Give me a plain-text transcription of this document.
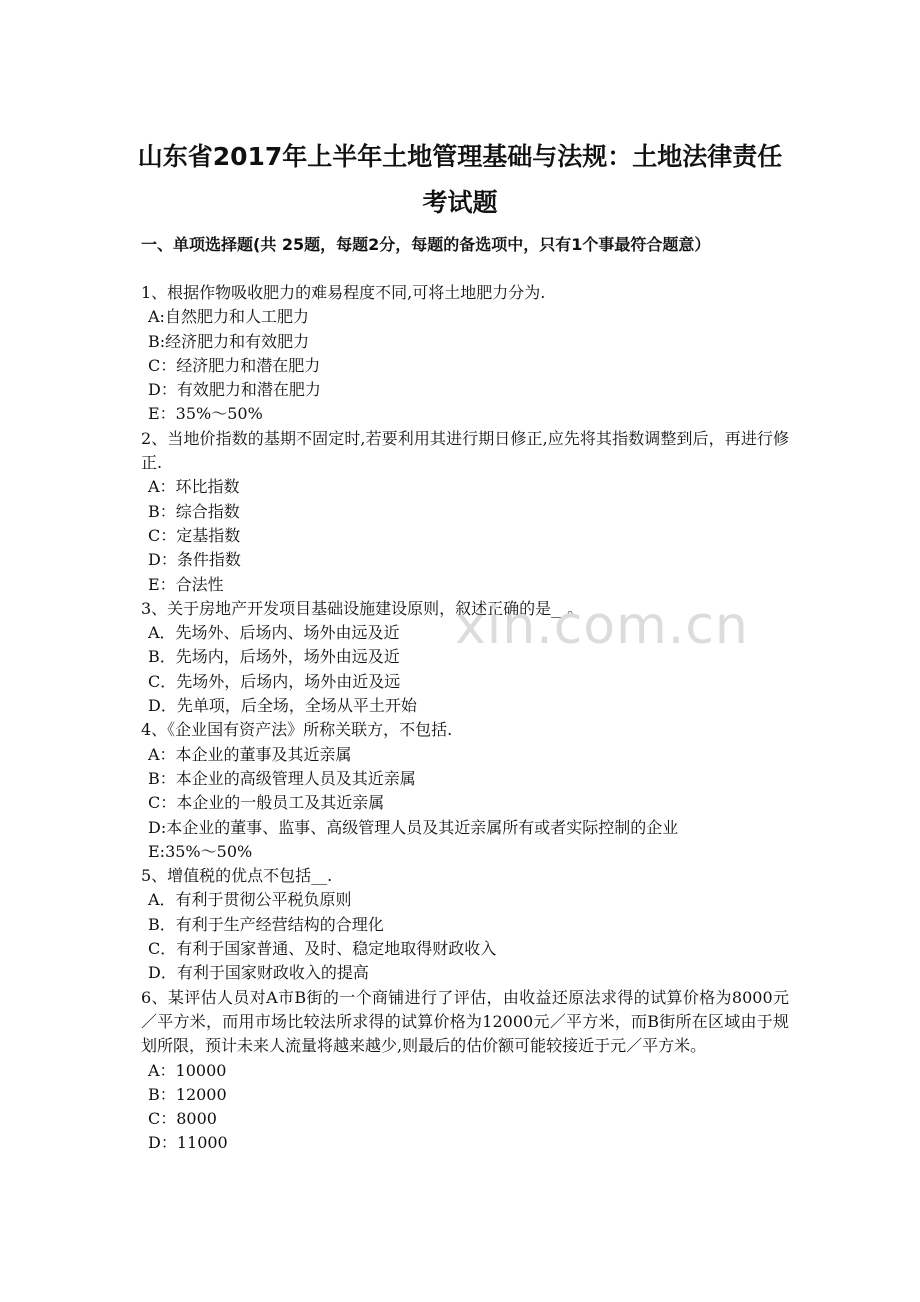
山东省2017年上半年土地管理基础与法规：土地法律责任
考试题

一、单项选择题(共 25题，每题2分，每题的备选项中，只有1个事最符合题意）

1、根据作物吸收肥力的难易程度不同,可将土地肥力分为.

A:自然肥力和人工肥力
B:经济肥力和有效肥力
C：经济肥力和潜在肥力
D：有效肥力和潜在肥力
E：35%～50%

2、当地价指数的基期不固定时,若要利用其进行期日修正,应先将其指数调整到后，再进行修正.

A：环比指数
B：综合指数
C：定基指数
D：条件指数
E：合法性

3、关于房地产开发项目基础设施建设原则，叙述正确的是__。

A．先场外、后场内、场外由远及近
B．先场内，后场外，场外由远及近
C．先场外，后场内，场外由近及远
D．先单项，后全场，全场从平土开始

4、《企业国有资产法》所称关联方，不包括.

A：本企业的董事及其近亲属
B：本企业的高级管理人员及其近亲属
C：本企业的一般员工及其近亲属
D:本企业的董事、监事、高级管理人员及其近亲属所有或者实际控制的企业
E:35%～50%

5、增值税的优点不包括__.

A．有利于贯彻公平税负原则
B．有利于生产经营结构的合理化
C．有利于国家普通、及时、稳定地取得财政收入
D．有利于国家财政收入的提高

6、某评估人员对A市B街的一个商铺进行了评估，由收益还原法求得的试算价格为8000元／平方米，而用市场比较法所求得的试算价格为12000元／平方米，而B街所在区域由于规划所限，预计未来人流量将越来越少,则最后的估价额可能较接近于元／平方米。

A：10000
B：12000
C：8000
D：11000
xin.com.cn
